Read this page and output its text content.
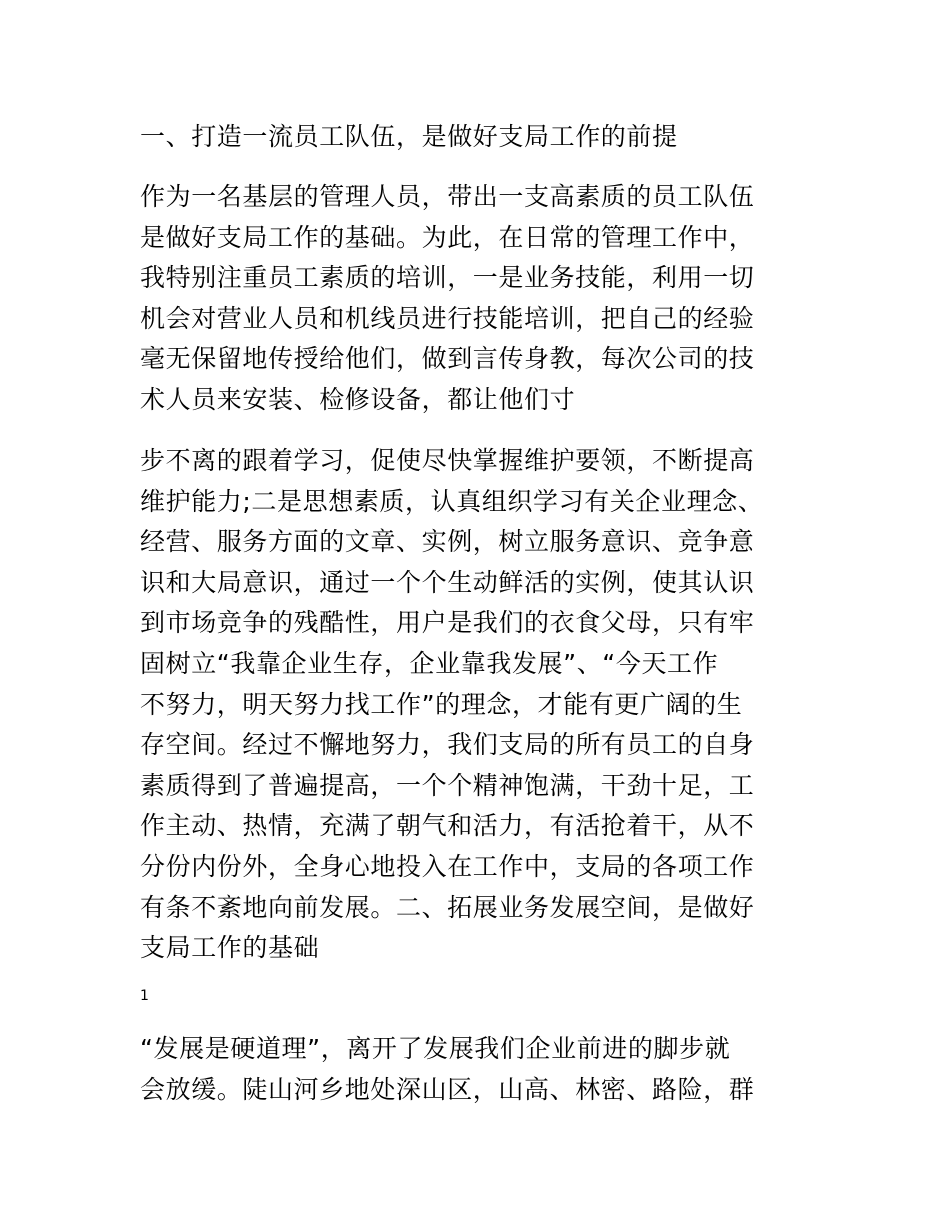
一、打造一流员工队伍，是做好支局工作的前提

作为一名基层的管理人员，带出一支高素质的员工队伍
是做好支局工作的基础。为此，在日常的管理工作中，
我特别注重员工素质的培训，一是业务技能，利用一切
机会对营业人员和机线员进行技能培训，把自己的经验
毫无保留地传授给他们，做到言传身教，每次公司的技
术人员来安装、检修设备，都让他们寸

步不离的跟着学习，促使尽快掌握维护要领，不断提高
维护能力;二是思想素质，认真组织学习有关企业理念、
经营、服务方面的文章、实例，树立服务意识、竞争意
识和大局意识，通过一个个生动鲜活的实例，使其认识
到市场竞争的残酷性，用户是我们的衣食父母，只有牢
固树立“我靠企业生存，企业靠我发展”、“今天工作
不努力，明天努力找工作”的理念，才能有更广阔的生
存空间。经过不懈地努力，我们支局的所有员工的自身
素质得到了普遍提高，一个个精神饱满，干劲十足，工
作主动、热情，充满了朝气和活力，有活抢着干，从不
分份内份外，全身心地投入在工作中，支局的各项工作
有条不紊地向前发展。二、拓展业务发展空间，是做好
支局工作的基础

1

“发展是硬道理”，离开了发展我们企业前进的脚步就
会放缓。陡山河乡地处深山区，山高、林密、路险，群
